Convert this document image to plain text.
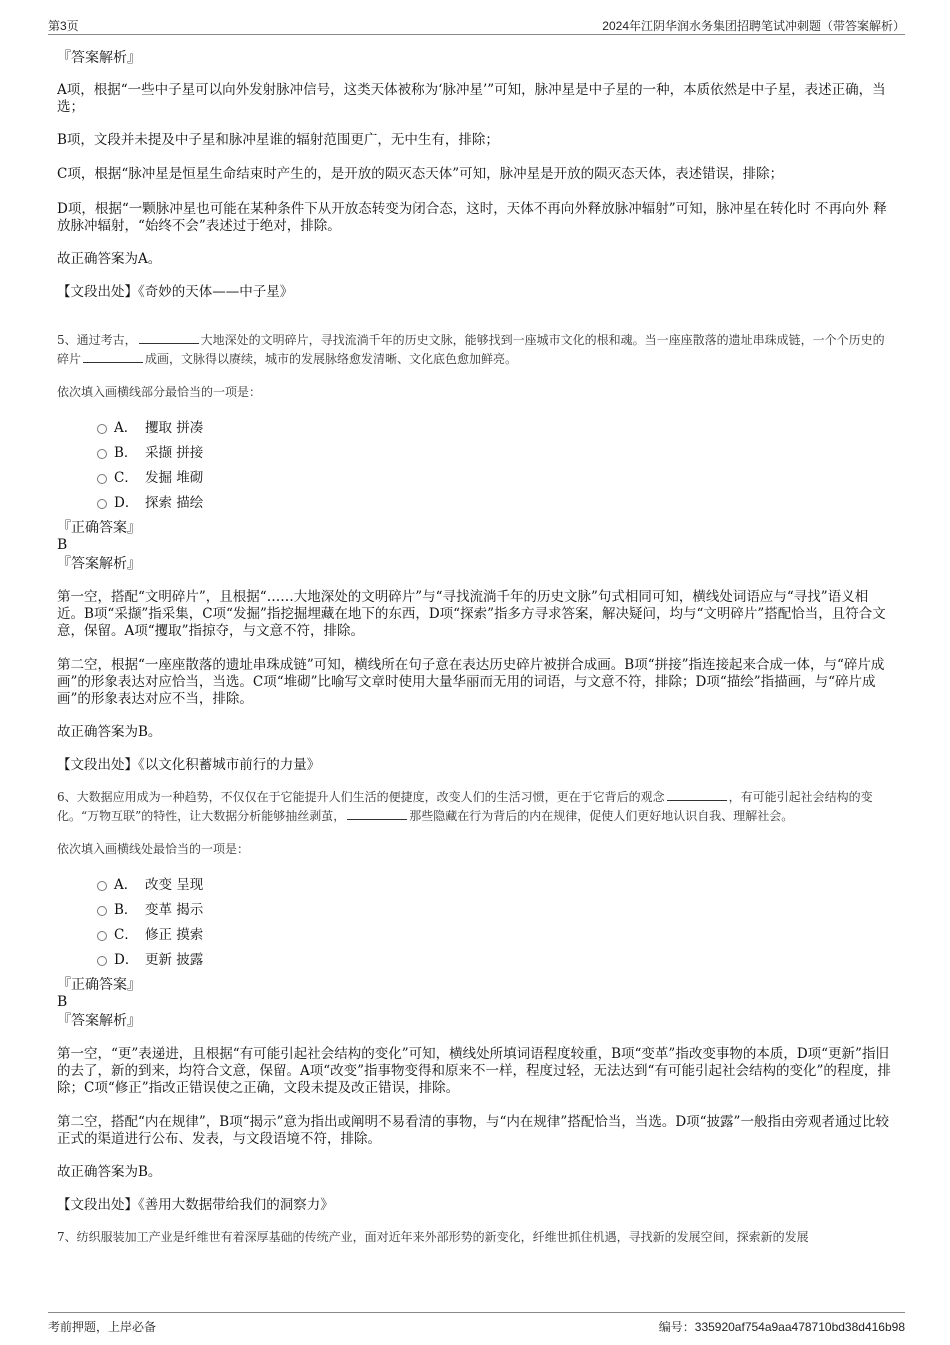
第3页	2024年江阴华润水务集团招聘笔试冲刺题（带答案解析）

『答案解析』

A项，根据“一些中子星可以向外发射脉冲信号，这类天体被称为‘脉冲星’”可知，脉冲星是中子星的一种，本质依然是中子星，表述正确，当选；

B项，文段并未提及中子星和脉冲星谁的辐射范围更广，无中生有，排除；

C项，根据“脉冲星是恒星生命结束时产生的，是开放的陨灭态天体”可知，脉冲星是开放的陨灭态天体，表述错误，排除；

D项，根据“一颗脉冲星也可能在某种条件下从开放态转变为闭合态，这时，天体不再向外释放脉冲辐射”可知，脉冲星在转化时 不再向外 释放脉冲辐射，“始终不会”表述过于绝对，排除。

故正确答案为A。

【文段出处】《奇妙的天体——中子星》

5、通过考古，	大地深处的文明碎片，寻找流淌千年的历史文脉，能够找到一座城市文化的根和魂。当一座座散落的遗址串珠成链，一个个历史的碎片	成画，文脉得以赓续，城市的发展脉络愈发清晰、文化底色愈加鲜亮。

依次填入画横线部分最恰当的一项是：

A． 攫取 拼凑
B． 采撷 拼接
C． 发掘 堆砌
D． 探索 描绘

『正确答案』

B

『答案解析』

第一空，搭配“文明碎片”，且根据“……大地深处的文明碎片”与“寻找流淌千年的历史文脉”句式相同可知，横线处词语应与“寻找”语义相近。B项“采撷”指采集，C项“发掘”指挖掘埋藏在地下的东西，D项“探索”指多方寻求答案，解决疑问，均与“文明碎片”搭配恰当，且符合文意，保留。A项“攫取”指掠夺，与文意不符，排除。

第二空，根据“一座座散落的遗址串珠成链”可知，横线所在句子意在表达历史碎片被拼合成画。B项“拼接”指连接起来合成一体，与“碎片成画”的形象表达对应恰当，当选。C项“堆砌”比喻写文章时使用大量华丽而无用的词语，与文意不符，排除；D项“描绘”指描画，与“碎片成画”的形象表达对应不当，排除。

故正确答案为B。

【文段出处】《以文化积蓄城市前行的力量》

6、大数据应用成为一种趋势，不仅仅在于它能提升人们生活的便捷度，改变人们的生活习惯，更在于它背后的观念	，有可能引起社会结构的变化。“万物互联”的特性，让大数据分析能够抽丝剥茧，	那些隐藏在行为背后的内在规律，促使人们更好地认识自我、理解社会。

依次填入画横线处最恰当的一项是：

A． 改变 呈现
B． 变革 揭示
C． 修正 摸索
D． 更新 披露

『正确答案』

B

『答案解析』

第一空，“更”表递进，且根据“有可能引起社会结构的变化”可知，横线处所填词语程度较重，B项“变革”指改变事物的本质，D项“更新”指旧的去了，新的到来，均符合文意，保留。A项“改变”指事物变得和原来不一样，程度过轻，无法达到“有可能引起社会结构的变化”的程度，排除；C项“修正”指改正错误使之正确，文段未提及改正错误，排除。

第二空，搭配“内在规律”，B项“揭示”意为指出或阐明不易看清的事物，与“内在规律”搭配恰当，当选。D项“披露”一般指由旁观者通过比较正式的渠道进行公布、发表，与文段语境不符，排除。

故正确答案为B。

【文段出处】《善用大数据带给我们的洞察力》

7、纺织服装加工产业是纤维世有着深厚基础的传统产业，面对近年来外部形势的新变化，纤维世抓住机遇，寻找新的发展空间，探索新的发展

考前押题，上岸必备	编号：335920af754a9aa478710bd38d416b98
